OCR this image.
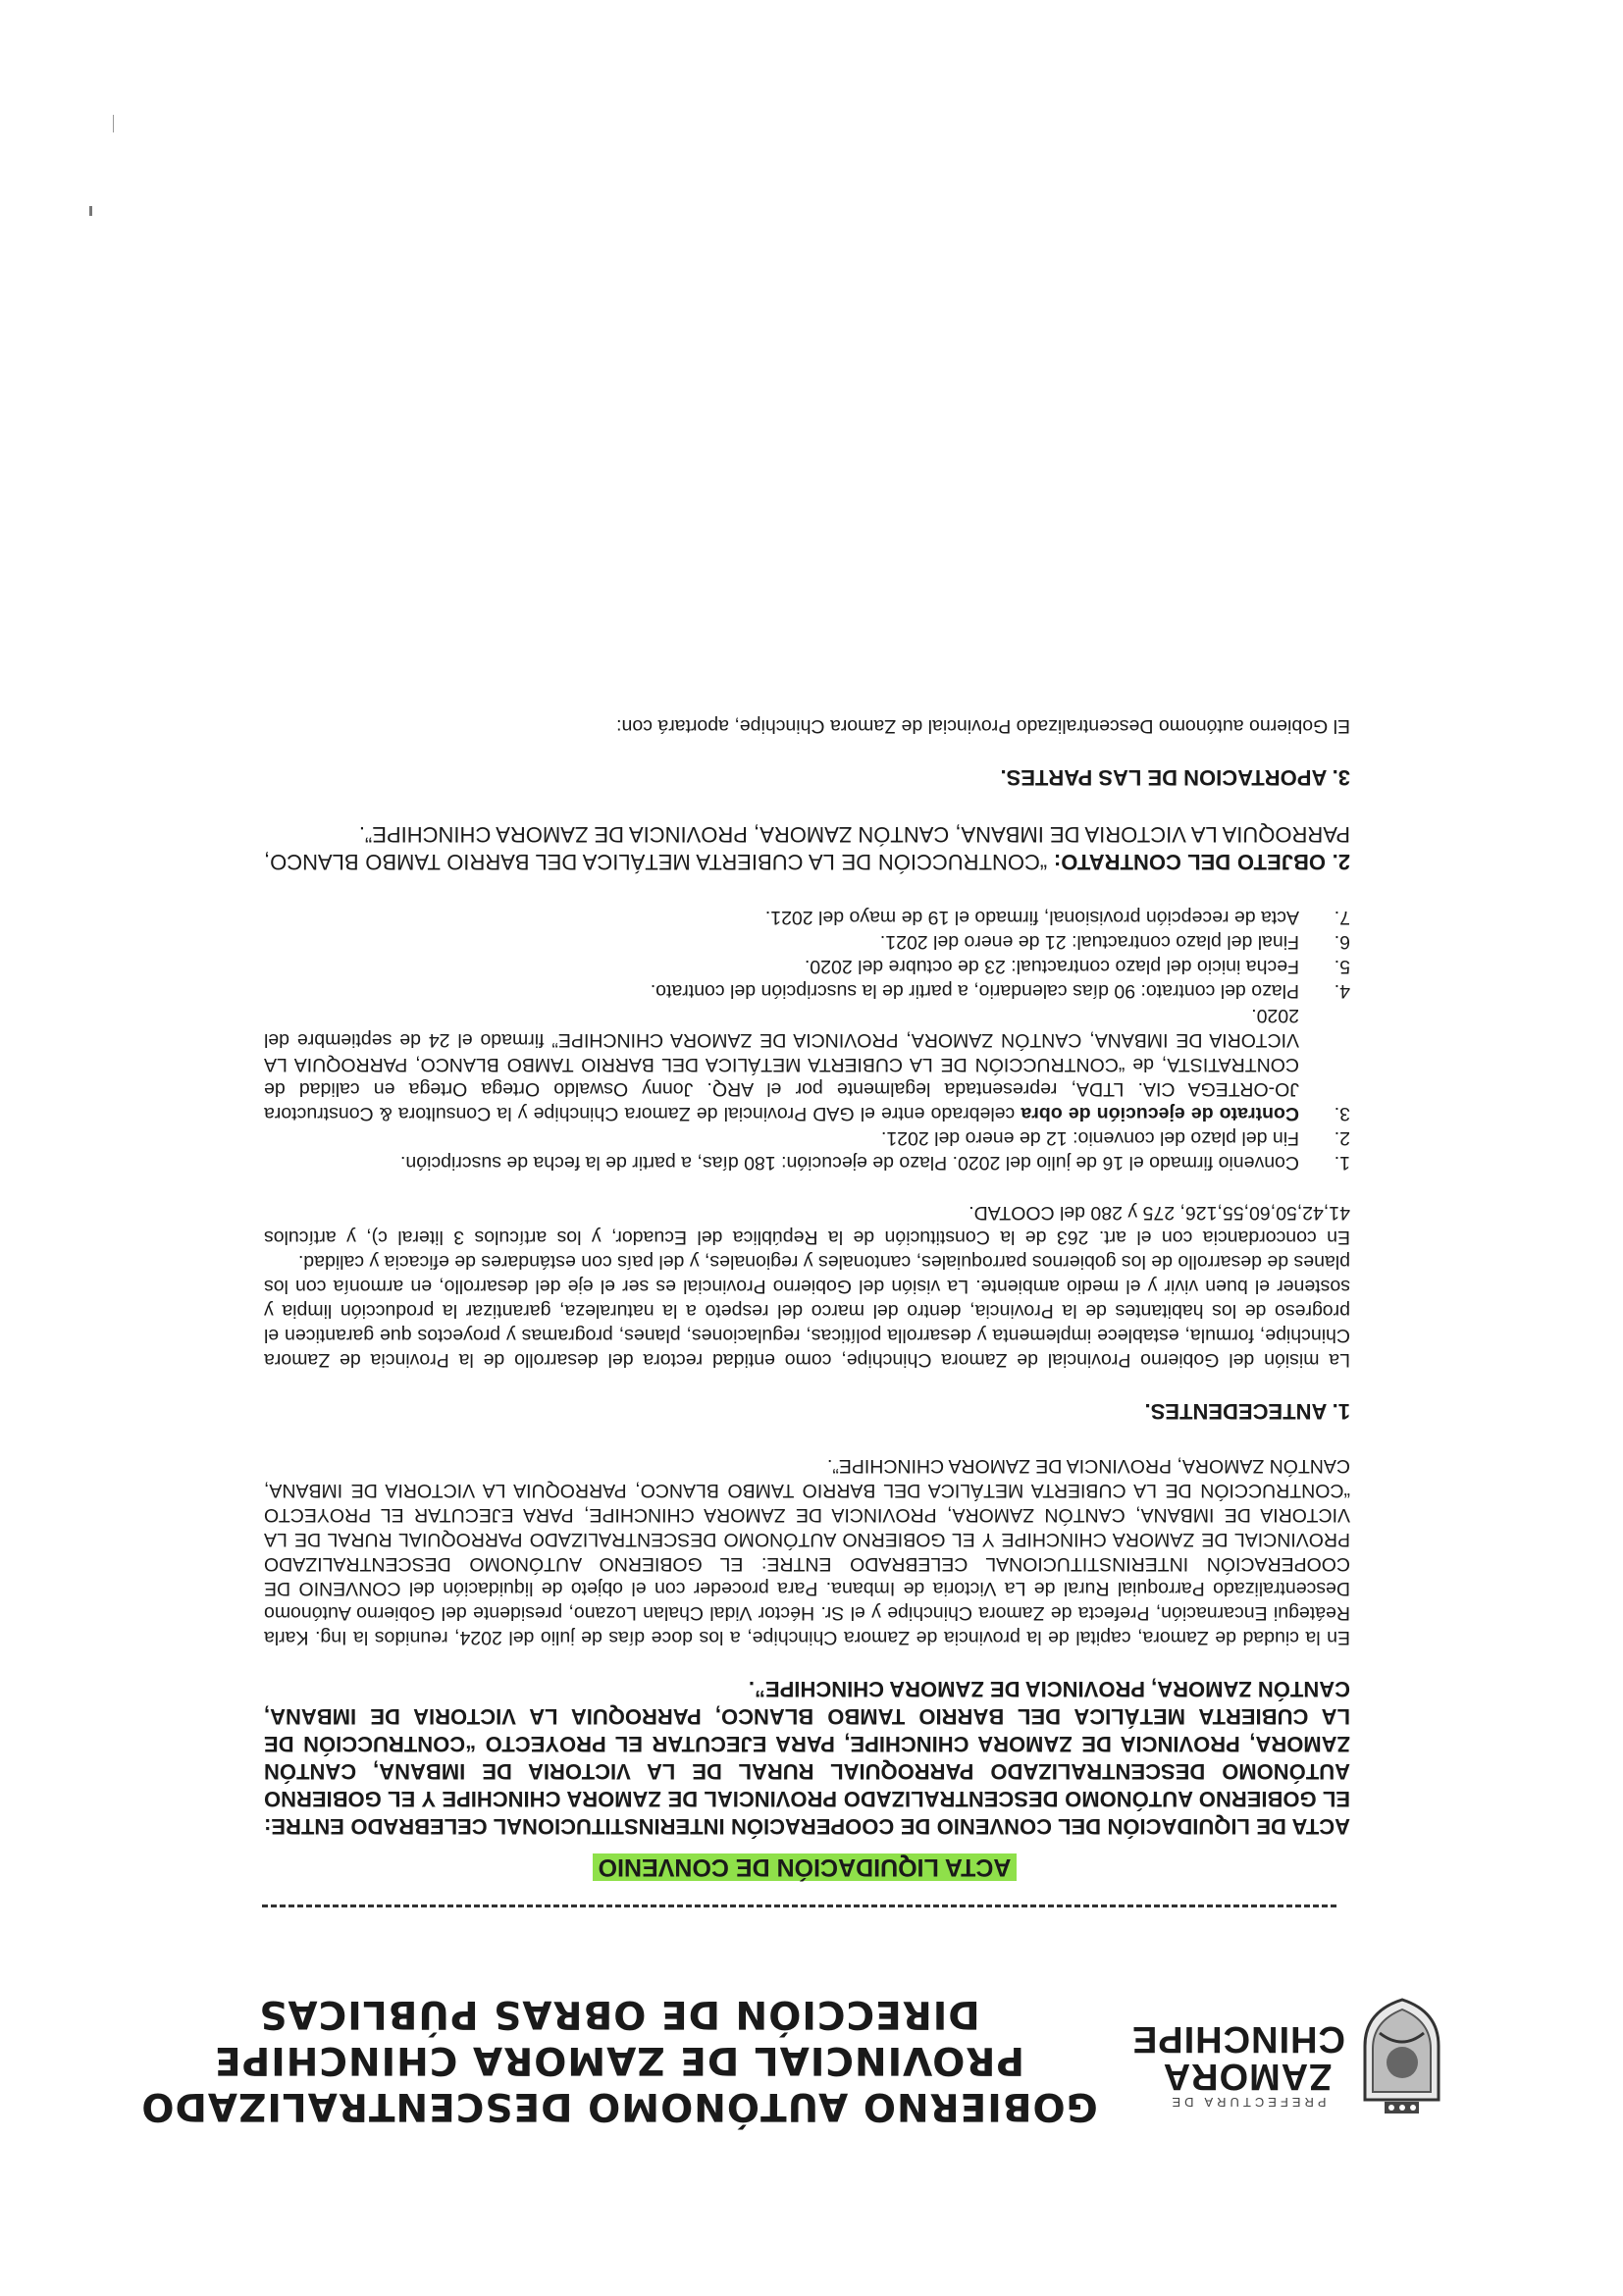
PREFECTURA DE
ZAMORA
CHINCHIPE
GOBIERNO AUTÓNOMO DESCENTRALIZADO
PROVINCIAL DE ZAMORA CHINCHIPE
DIRECCIÓN DE OBRAS PÚBLICAS
ACTA LIQUIDACIÓN DE CONVENIO

ACTA DE LIQUIDACIÓN DEL CONVENIO DE COOPERACIÓN INTERINSTITUCIONAL CELEBRADO ENTRE: EL GOBIERNO AUTÓNOMO DESCENTRALIZADO PROVINCIAL DE ZAMORA CHINCHIPE Y EL GOBIERNO AUTÓNOMO DESCENTRALIZADO PARROQUIAL RURAL DE LA VICTORIA DE IMBANA, CANTÓN ZAMORA, PROVINCIA DE ZAMORA CHINCHIPE, PARA EJECUTAR EL PROYECTO “CONTRUCCIÓN DE LA CUBIERTA METÁLICA DEL BARRIO TAMBO BLANCO, PARROQUIA LA VICTORIA DE IMBANA, CANTÓN ZAMORA, PROVINCIA DE ZAMORA CHINCHIPE”.

En la ciudad de Zamora, capital de la provincia de Zamora Chinchipe, a los doce días de julio del 2024, reunidos la Ing. Karla Reátegui Encarnación, Prefecta de Zamora Chinchipe y el Sr. Héctor Vidal Chalan Lozano, presidente del Gobierno Autónomo Descentralizado Parroquial Rural de La Victoria de Imbana. Para proceder con el objeto de liquidación del CONVENIO DE COOPERACIÓN INTERINSTITUCIONAL CELEBRADO ENTRE: EL GOBIERNO AUTÓNOMO DESCENTRALIZADO PROVINCIAL DE ZAMORA CHINCHIPE Y EL GOBIERNO AUTÓNOMO DESCENTRALIZADO PARROQUIAL RURAL DE LA VICTORIA DE IMBANA, CANTÓN ZAMORA, PROVINCIA DE ZAMORA CHINCHIPE, PARA EJECUTAR EL PROYECTO “CONTRUCCIÓN DE LA CUBIERTA METÁLICA DEL BARRIO TAMBO BLANCO, PARROQUIA LA VICTORIA DE IMBANA, CANTÓN ZAMORA, PROVINCIA DE ZAMORA CHINCHIPE”.

1. ANTECEDENTES.

La misión del Gobierno Provincial de Zamora Chinchipe, como entidad rectora del desarrollo de la Provincia de Zamora Chinchipe, formula, establece implementa y desarrolla políticas, regulaciones, planes, programas y proyectos que garanticen el progreso de los habitantes de la Provincia, dentro del marco del respeto a la naturaleza, garantizar la producción limpia y sostener el buen vivir y el medio ambiente. La visión del Gobierno Provincial es ser el eje del desarrollo, en armonía con los planes de desarrollo de los gobiernos parroquiales, cantonales y regionales, y del país con estándares de eficacia y calidad.

En concordancia con el art. 263 de la Constitución de la República del Ecuador, y los artículos 3 literal c), y artículos 41,42,50,60,55,126, 275 y 280 del COOTAD.

1.
Convenio firmado el 16 de julio del 2020. Plazo de ejecución: 180 días, a partir de la fecha de suscripción.
2.
Fin del plazo del convenio: 12 de enero del 2021.
3.
Contrato de ejecución de obra celebrado entre el GAD Provincial de Zamora Chinchipe y la Consultora & Constructora JO-ORTEGA CIA. LTDA, representada legalmente por el ARQ. Jonny Oswaldo Ortega Ortega en calidad de CONTRATISTA, de “CONTRUCCIÓN DE LA CUBIERTA METÁLICA DEL BARRIO TAMBO BLANCO, PARROQUIA LA VICTORIA DE IMBANA, CANTÓN ZAMORA, PROVINCIA DE ZAMORA CHINCHIPE” firmado el 24 de septiembre del 2020.
4.
Plazo del contrato: 90 días calendario, a partir de la suscripción del contrato.
5.
Fecha inicio del plazo contractual: 23 de octubre del 2020.
6.
Final del plazo contractual: 21 de enero del 2021.
7.
Acta de recepción provisional, firmado el 19 de mayo del 2021.

2. OBJETO DEL CONTRATO: “CONTRUCCIÓN DE LA CUBIERTA METÁLICA DEL BARRIO TAMBO BLANCO, PARROQUIA LA VICTORIA DE IMBANA, CANTÓN ZAMORA, PROVINCIA DE ZAMORA CHINCHIPE”.

3. APORTACION DE LAS PARTES.

El Gobierno autónomo Descentralizado Provincial de Zamora Chinchipe, aportará con:
